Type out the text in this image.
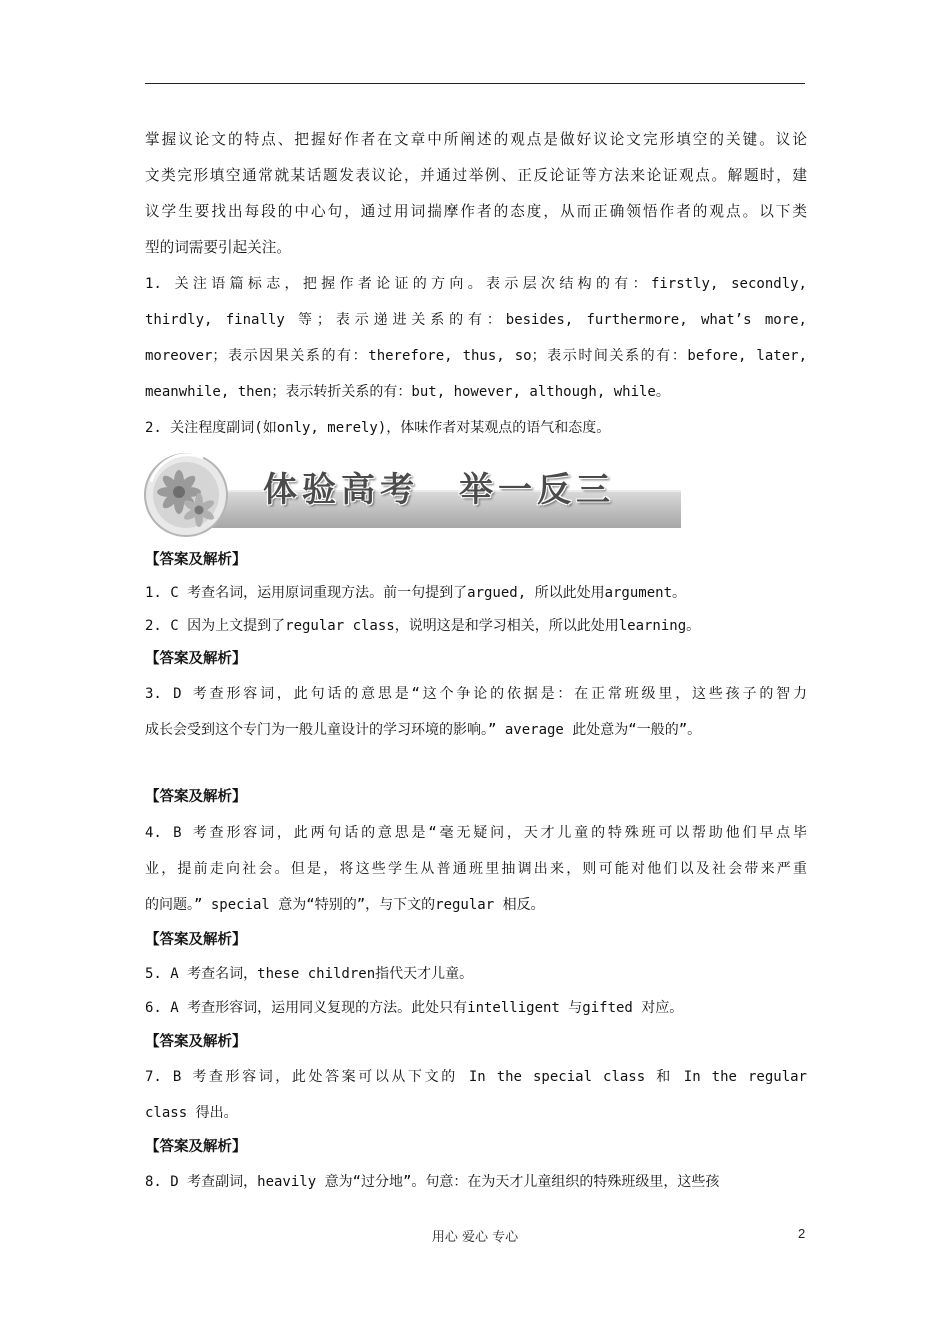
掌握议论文的特点、把握好作者在文章中所阐述的观点是做好议论文完形填空的关键。议论

文类完形填空通常就某话题发表议论，并通过举例、正反论证等方法来论证观点。解题时，建

议学生要找出每段的中心句，通过用词揣摩作者的态度，从而正确领悟作者的观点。以下类

型的词需要引起关注。

1. 关注语篇标志，把握作者论证的方向。表示层次结构的有：firstly, secondly,

thirdly, finally 等；表示递进关系的有：besides, furthermore, what’s more,

moreover；表示因果关系的有：therefore, thus, so；表示时间关系的有：before, later,

meanwhile, then；表示转折关系的有：but, however, although, while。

2. 关注程度副词(如only, merely)，体味作者对某观点的语气和态度。

体验高考 举一反三

【答案及解析】

1. C 考查名词，运用原词重现方法。前一句提到了argued, 所以此处用argument。

2. C 因为上文提到了regular class，说明这是和学习相关，所以此处用learning。

【答案及解析】

3. D 考查形容词，此句话的意思是“这个争论的依据是：在正常班级里，这些孩子的智力

成长会受到这个专门为一般儿童设计的学习环境的影响。” average 此处意为“一般的”。

【答案及解析】

4. B 考查形容词，此两句话的意思是“毫无疑问，天才儿童的特殊班可以帮助他们早点毕

业，提前走向社会。但是，将这些学生从普通班里抽调出来，则可能对他们以及社会带来严重

的问题。” special 意为“特别的”，与下文的regular 相反。

【答案及解析】

5. A 考查名词，these children指代天才儿童。

6. A 考查形容词，运用同义复现的方法。此处只有intelligent 与gifted 对应。

【答案及解析】

7. B 考查形容词，此处答案可以从下文的 In the special class 和 In the regular

class 得出。

【答案及解析】

8. D 考查副词，heavily 意为“过分地”。句意：在为天才儿童组织的特殊班级里，这些孩

用心 爱心 专心	2
